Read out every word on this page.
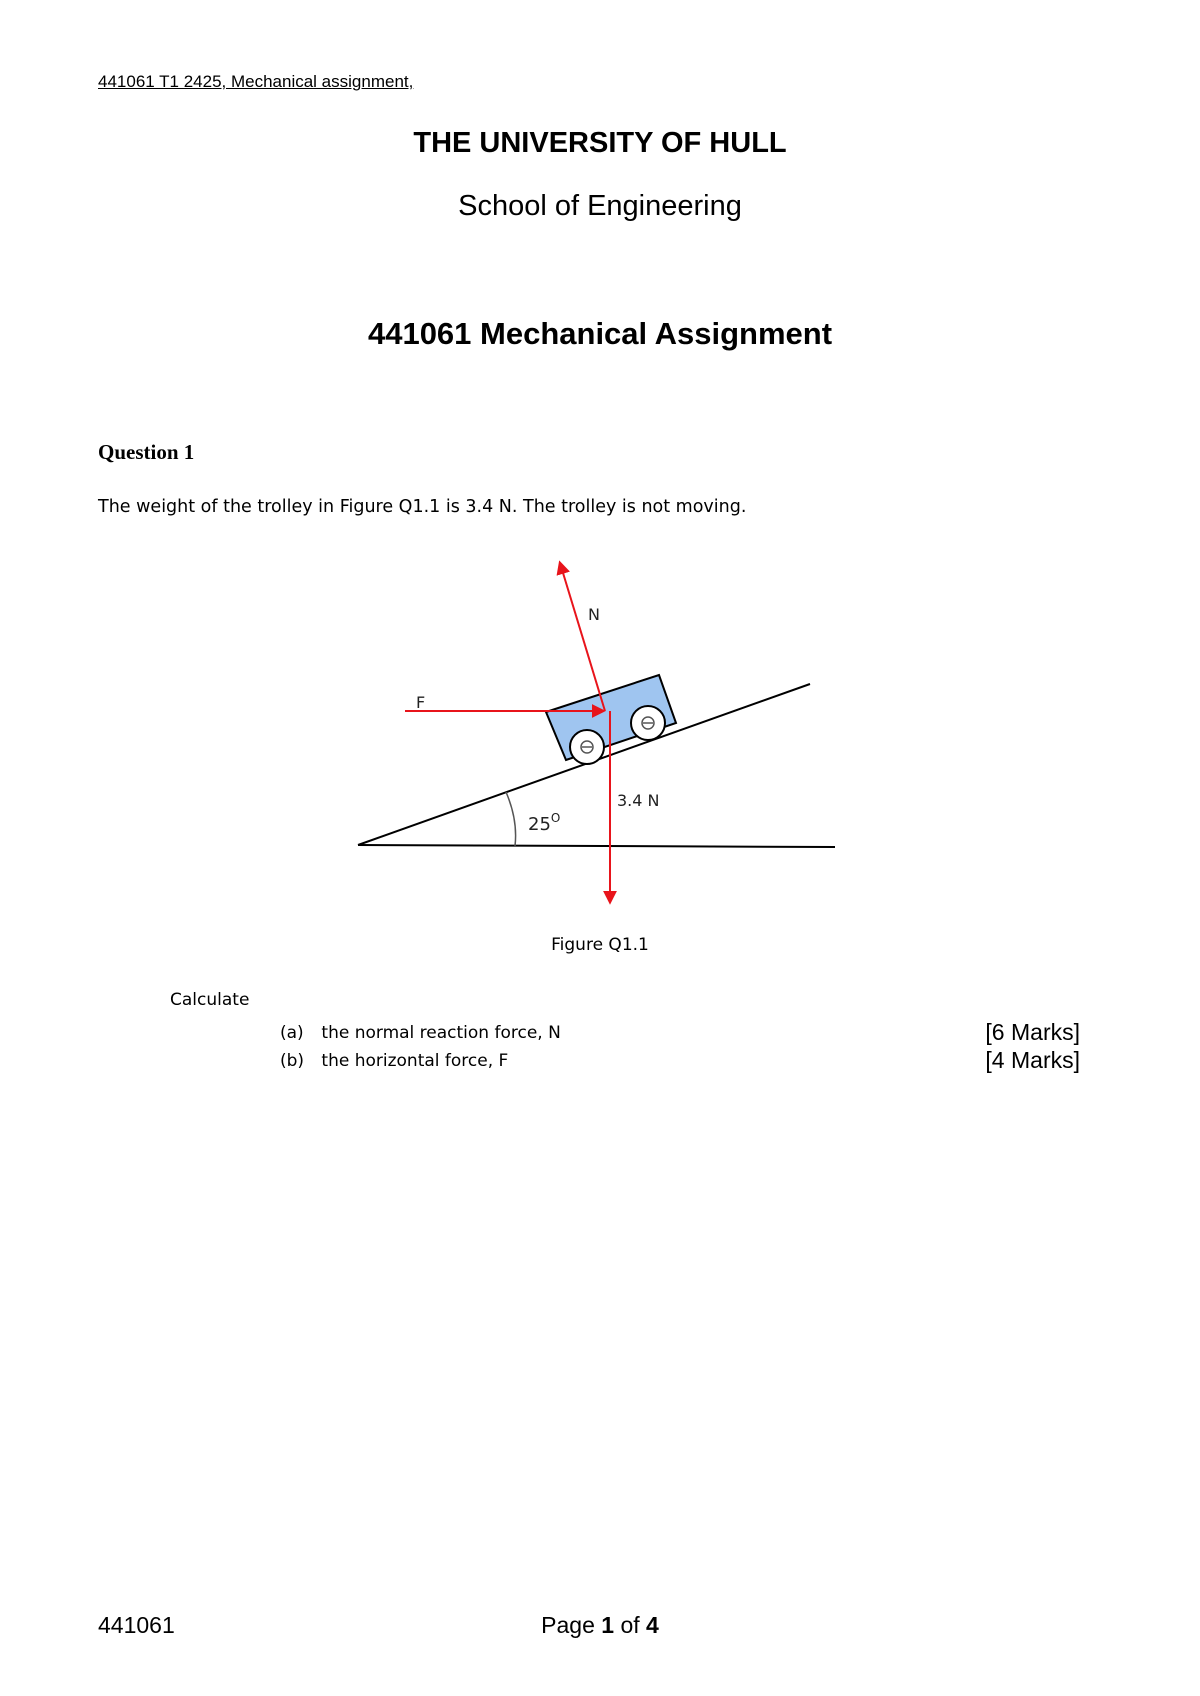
441061 T1 2425, Mechanical assignment,
THE UNIVERSITY OF HULL
School of Engineering
441061 Mechanical Assignment
Question 1
The weight of the trolley in Figure Q1.1 is 3.4 N. The trolley is not moving.
N
F
3.4 N
$25^O$
Figure Q1.1
Calculate
(a) the normal reaction force, N	[6 Marks]
(b) the horizontal force, F	[4 Marks]
441061	Page 1 of 4
